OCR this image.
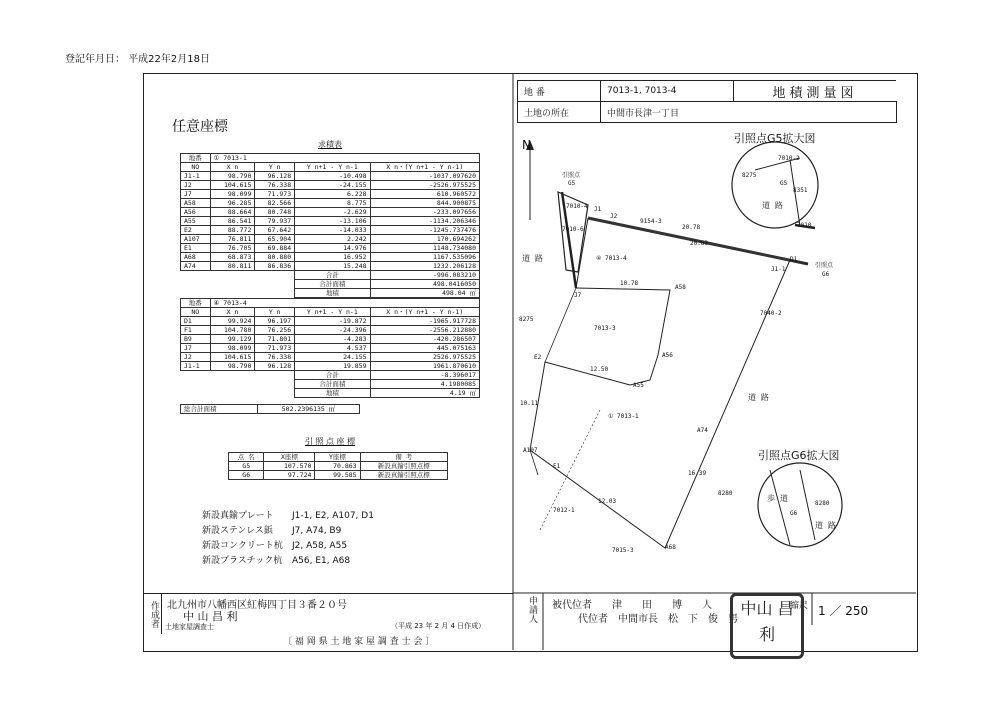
登記年月日： 平成22年2月18日
任意座標
求積表
地番	① 7013-1			
NO	X n	Y n	Y n+1 - Y n-1	X n・(Y n+1 - Y n-1)
J1-1	98.790	96.128	-10.498	-1037.097620
J2	104.615	76.338	-24.155	-2526.975525
J7	98.099	71.973	6.228	610.960572
A58	96.285	82.566	8.775	844.900875
A56	88.664	80.748	-2.629	-233.097656
A55	86.541	79.937	-13.106	-1134.206346
E2	88.772	67.642	-14.033	-1245.737476
A107	76.811	65.904	2.242	170.694262
E1	76.705	69.884	14.976	1148.734080
A68	68.873	80.880	16.952	1167.535096
A74	80.811	86.836	15.248	1232.206128
			合計	-996.083210
			合計面積	498.0416050
			地積	498.04 ㎡
地番	④ 7013-4			
NO	X n	Y n	Y n+1 - Y n-1	X n・(Y n+1 - Y n-1)
D1	99.924	96.197	-19.872	-1965.917728
F1	104.780	76.256	-24.396	-2556.212880
B9	99.129	71.801	-4.283	-420.286507
J7	98.099	71.973	4.537	445.075163
J2	104.615	76.338	24.155	2526.975525
J1-1	98.790	96.128	19.859	1961.870610
			合計	-8.396017
			合計面積	4.1980085
			地積	4.19 ㎡
総合計面積	502.2396135 ㎡
引 照 点 座 標
点 名	X座標	Y座標	備 考
G5	107.570	70.863	新設真鍮引照点標
G6	97.724	99.585	新設真鍮引照点標
新設真鍮プレート J1-1, E2, A107, D1
新設ステンレス鋲 J7, A74, B9
新設コンクリート杭 J2, A58, A55
新設プラスチック杭 A56, E1, A68
作成者 北九州市八幡西区紅梅四丁目３番２０号
中 山 昌 利
土地家屋調査士	（平成 23 年 2 月 4 日作成）
〔 福 岡 県 土 地 家 屋 調 査 士 会 〕
地 番	7013-1, 7013-4	地積測量図
土地の所在	中間市長津一丁目	
N	引照点G5拡大図
引照点G6拡大図
引照点
G5
7010-4
7010-6
9154-3
④ 7013-4
7013-3
① 7013-1
7012-1
7015-3
8275
8280
7040-2
道 路
道 路
J1
J2
J7
D1
J1-1
A58
A56
A55
E2
A107
E1
A74
A68
20.78
20.63
10.78
12.50
10.11
16.39
12.03
引照点
G6
7010-2
8275
8351
G5
道 路
7010
歩 道
8280
G6
道 路
申請人 被代位者　　津　　田　　博　　人
代位者　中間市長　松　下　俊　男
縮尺 1 ／ 250
中山 昌利
